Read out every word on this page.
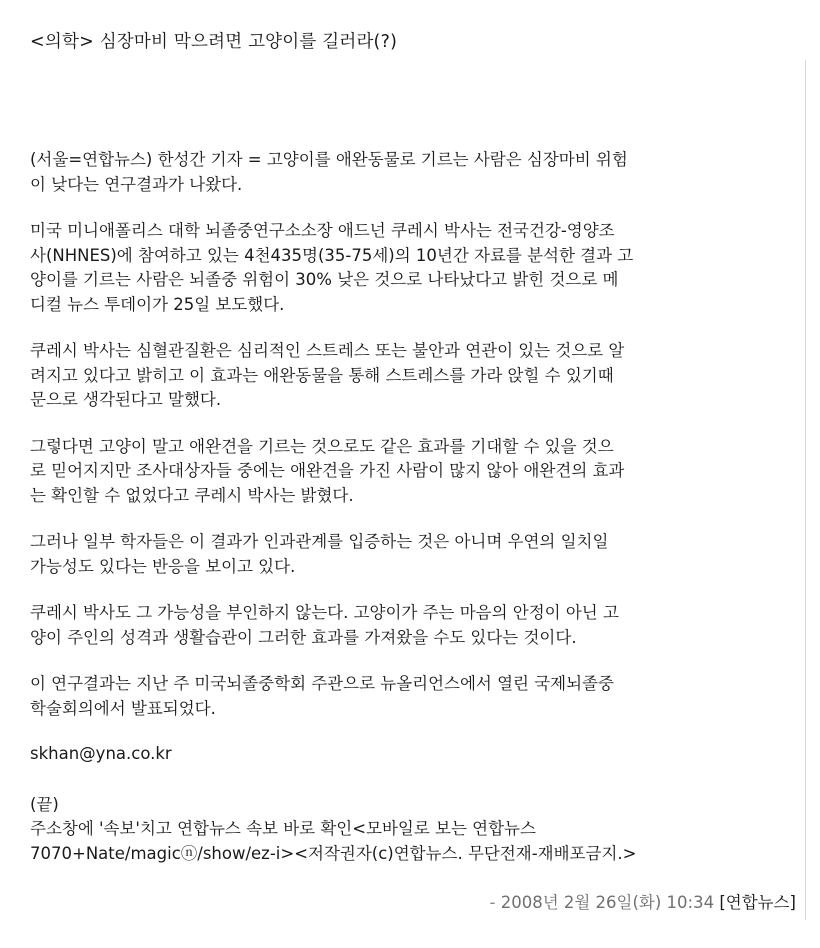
<의학> 심장마비 막으려면 고양이를 길러라(?)
(서울=연합뉴스) 한성간 기자 = 고양이를 애완동물로 기르는 사람은 심장마비 위험
이 낮다는 연구결과가 나왔다.
미국 미니애폴리스 대학 뇌졸중연구소소장 애드넌 쿠레시 박사는 전국건강-영양조
사(NHNES)에 참여하고 있는 4천435명(35-75세)의 10년간 자료를 분석한 결과 고
양이를 기르는 사람은 뇌졸중 위험이 30% 낮은 것으로 나타났다고 밝힌 것으로 메
디컬 뉴스 투데이가 25일 보도했다.
쿠레시 박사는 심혈관질환은 심리적인 스트레스 또는 불안과 연관이 있는 것으로 알
려지고 있다고 밝히고 이 효과는 애완동물을 통해 스트레스를 가라 앉힐 수 있기때
문으로 생각된다고 말했다.
그렇다면 고양이 말고 애완견을 기르는 것으로도 같은 효과를 기대할 수 있을 것으
로 믿어지지만 조사대상자들 중에는 애완견을 가진 사람이 많지 않아 애완견의 효과
는 확인할 수 없었다고 쿠레시 박사는 밝혔다.
그러나 일부 학자들은 이 결과가 인과관계를 입증하는 것은 아니며 우연의 일치일
가능성도 있다는 반응을 보이고 있다.
쿠레시 박사도 그 가능성을 부인하지 않는다. 고양이가 주는 마음의 안정이 아닌 고
양이 주인의 성격과 생활습관이 그러한 효과를 가져왔을 수도 있다는 것이다.
이 연구결과는 지난 주 미국뇌졸중학회 주관으로 뉴올리언스에서 열린 국제뇌졸중
학술회의에서 발표되었다.
skhan@yna.co.kr
(끝)
주소창에 '속보'치고 연합뉴스 속보 바로 확인<모바일로 보는 연합뉴스
7070+Nate/magicⓝ/show/ez-i><저작권자(c)연합뉴스. 무단전재-재배포금지.>
- 2008년 2월 26일(화) 10:34 [연합뉴스]
